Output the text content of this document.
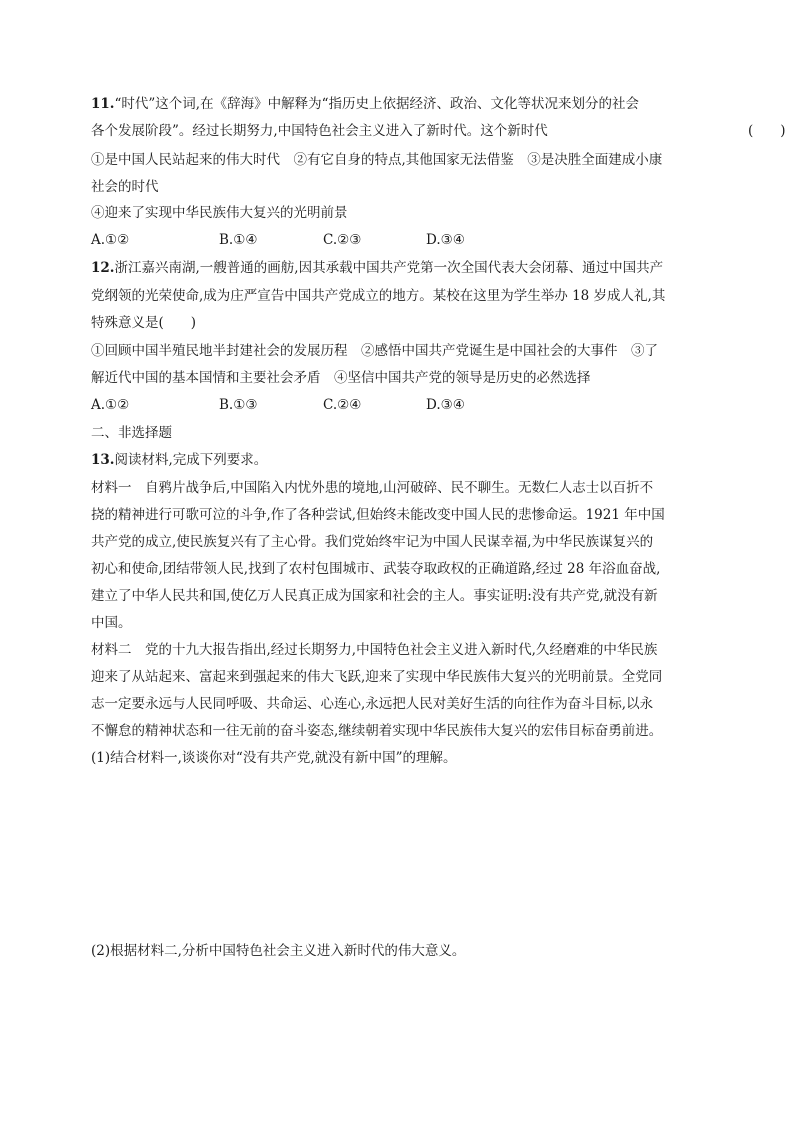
11.“时代”这个词,在《辞海》中解释为“指历史上依据经济、政治、文化等状况来划分的社会
各个发展阶段”。经过长期努力,中国特色社会主义进入了新时代。这个新时代	(　　)
①是中国人民站起来的伟大时代　②有它自身的特点,其他国家无法借鉴　③是决胜全面建成小康
社会的时代
④迎来了实现中华民族伟大复兴的光明前景
A.①②	B.①④	C.②③	D.③④
12.浙江嘉兴南湖,一艘普通的画舫,因其承载中国共产党第一次全国代表大会闭幕、通过中国共产
党纲领的光荣使命,成为庄严宣告中国共产党成立的地方。某校在这里为学生举办 18 岁成人礼,其
特殊意义是(　　)
①回顾中国半殖民地半封建社会的发展历程　②感悟中国共产党诞生是中国社会的大事件　③了
解近代中国的基本国情和主要社会矛盾　④坚信中国共产党的领导是历史的必然选择
A.①②	B.①③	C.②④	D.③④
二、非选择题
13.阅读材料,完成下列要求。
材料一　自鸦片战争后,中国陷入内忧外患的境地,山河破碎、民不聊生。无数仁人志士以百折不
挠的精神进行可歌可泣的斗争,作了各种尝试,但始终未能改变中国人民的悲惨命运。1921 年中国
共产党的成立,使民族复兴有了主心骨。我们党始终牢记为中国人民谋幸福,为中华民族谋复兴的
初心和使命,团结带领人民,找到了农村包围城市、武装夺取政权的正确道路,经过 28 年浴血奋战,
建立了中华人民共和国,使亿万人民真正成为国家和社会的主人。事实证明:没有共产党,就没有新
中国。
材料二　党的十九大报告指出,经过长期努力,中国特色社会主义进入新时代,久经磨难的中华民族
迎来了从站起来、富起来到强起来的伟大飞跃,迎来了实现中华民族伟大复兴的光明前景。全党同
志一定要永远与人民同呼吸、共命运、心连心,永远把人民对美好生活的向往作为奋斗目标,以永
不懈怠的精神状态和一往无前的奋斗姿态,继续朝着实现中华民族伟大复兴的宏伟目标奋勇前进。
(1)结合材料一,谈谈你对“没有共产党,就没有新中国”的理解。
(2)根据材料二,分析中国特色社会主义进入新时代的伟大意义。
